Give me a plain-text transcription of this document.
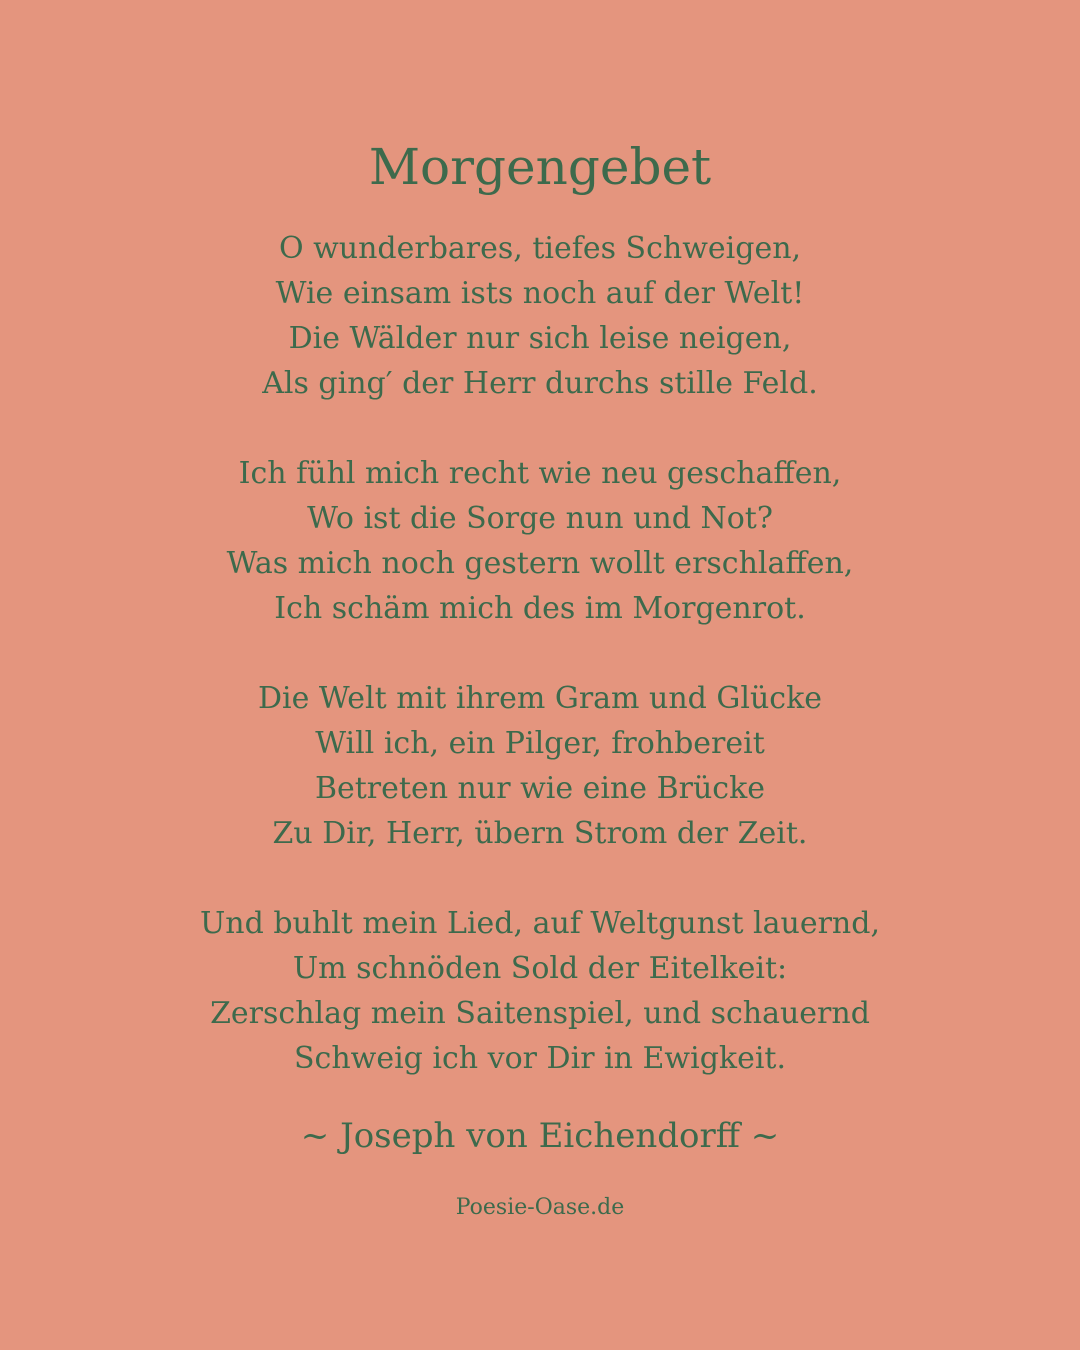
Morgengebet
O wunderbares, tiefes Schweigen,
Wie einsam ists noch auf der Welt!
Die Wälder nur sich leise neigen,
Als ging′ der Herr durchs stille Feld.
Ich fühl mich recht wie neu geschaffen,
Wo ist die Sorge nun und Not?
Was mich noch gestern wollt erschlaffen,
Ich schäm mich des im Morgenrot.
Die Welt mit ihrem Gram und Glücke
Will ich, ein Pilger, frohbereit
Betreten nur wie eine Brücke
Zu Dir, Herr, übern Strom der Zeit.
Und buhlt mein Lied, auf Weltgunst lauernd,
Um schnöden Sold der Eitelkeit:
Zerschlag mein Saitenspiel, und schauernd
Schweig ich vor Dir in Ewigkeit.
~ Joseph von Eichendorff ~
Poesie-Oase.de
